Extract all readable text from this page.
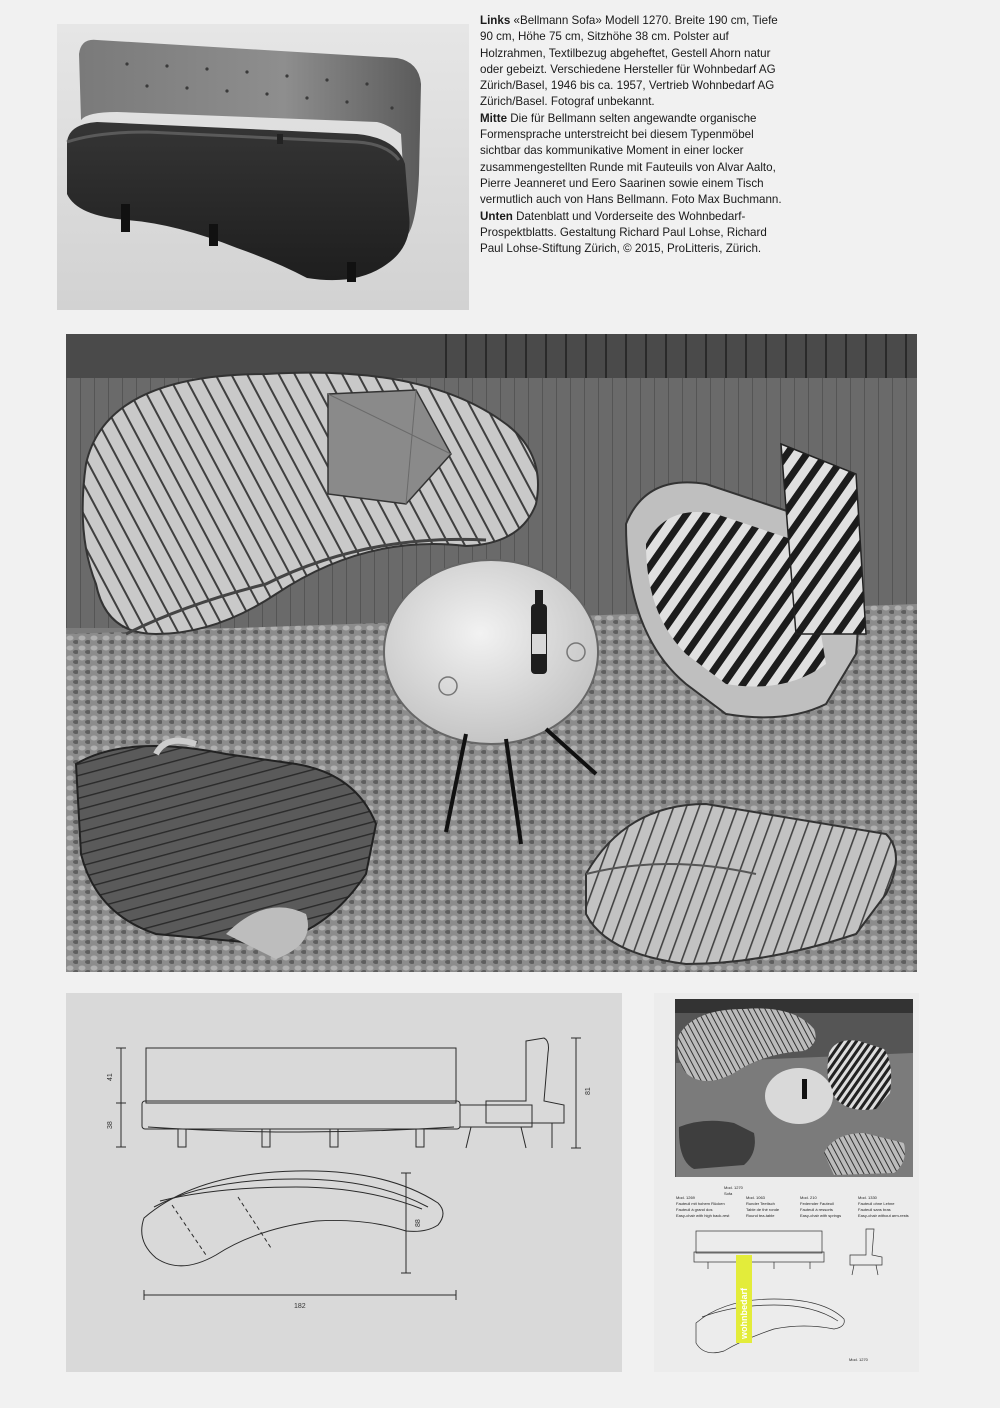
Links «Bellmann Sofa» Modell 1270. Breite 190 cm, Tiefe 90 cm, Höhe 75 cm, Sitzhöhe 38 cm. Polster auf Holzrahmen, Textilbezug abgeheftet, Gestell Ahorn natur oder gebeizt. Verschiedene Hersteller für Wohnbedarf AG Zürich/Basel, 1946 bis ca. 1957, Vertrieb Wohnbedarf AG Zürich/Basel. Fotograf unbekannt.

Mitte Die für Bellmann selten angewandte organische Formensprache unterstreicht bei diesem Typenmöbel sichtbar das kommunikative Moment in einer locker zusammengestellten Runde mit Fauteuils von Alvar Aalto, Pierre Jeanneret und Eero Saarinen sowie einem Tisch vermutlich auch von Hans Bellmann. Foto Max Buchmann.

Unten Datenblatt und Vorderseite des Wohnbedarf-Prospektblatts. Gestaltung Richard Paul Lohse, Richard Paul Lohse-Stiftung Zürich, © 2015, ProLitteris, Zürich.

41
38
81
88
182
Mod. 1269
Fauteuil mit hohem Rücken
Fauteuil à grand dos
Easy-chair with high back-rest
Mod. 1270
Sofa
Mod. 1063
Runder Teetisch
Table de thé ronde
Round tea-table
Mod. 210
Federnder Fauteuil
Fauteuil à ressorts
Easy-chair with springs
Mod. 1330
Fauteuil ohne Lehne
Fauteuil sans bras
Easy-chair without arm-rests
wohnbedarf
Mod. 1270
